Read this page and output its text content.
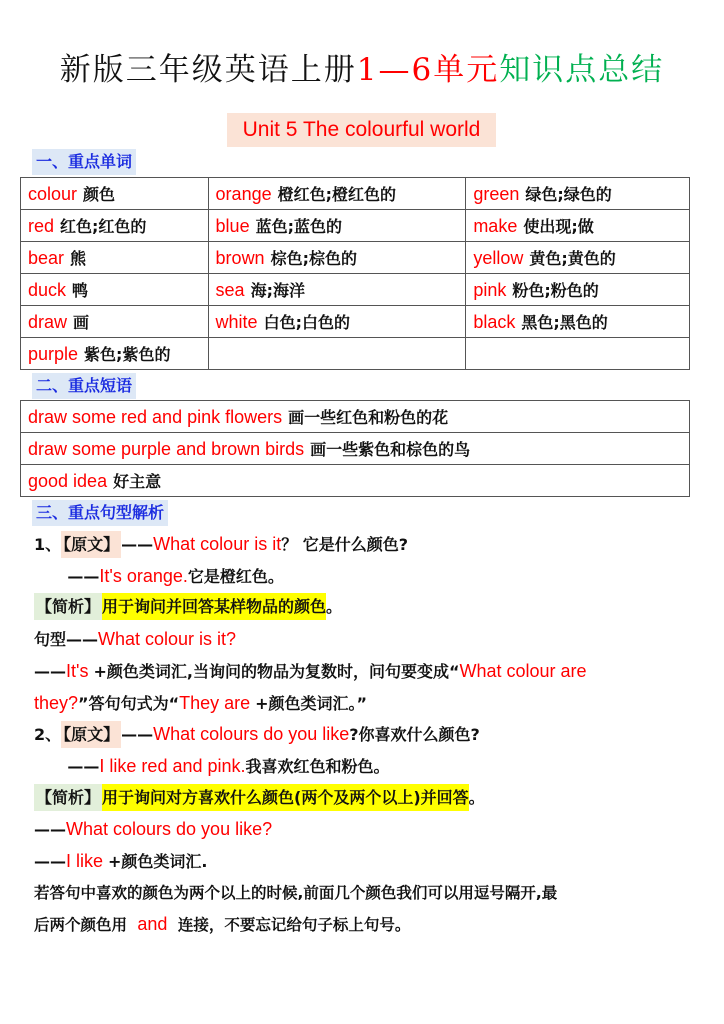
新版三年级英语上册1—6单元知识点总结
Unit 5 The colourful world
一、重点单词
colour 颜色	orange 橙红色;橙红色的	green 绿色;绿色的
red 红色;红色的	blue 蓝色;蓝色的	make 使出现;做
bear 熊	brown 棕色;棕色的	yellow 黄色;黄色的
duck 鸭	sea 海;海洋	pink 粉色;粉色的
draw 画	white 白色;白色的	black 黑色;黑色的
purple 紫色;紫色的		
二、重点短语
draw some red and pink flowers 画一些红色和粉色的花
draw some purple and brown birds 画一些紫色和棕色的鸟
good idea 好主意
三、重点句型解析
1、 【原文】 ——What colour is it？ 它是什么颜色?
——It's orange.它是橙红色。
【简析】 用于询问并回答某样物品的颜色。
句型——What colour is it?
——It's +颜色类词汇,当询问的物品为复数时，问句要变成“What colour are
they?”答句句式为“They are +颜色类词汇。”
2、 【原文】 ——What colours do you like?你喜欢什么颜色?
——I like red and pink.我喜欢红色和粉色。
【简析】 用于询问对方喜欢什么颜色(两个及两个以上)并回答。
——What colours do you like?
——I like +颜色类词汇.
若答句中喜欢的颜色为两个以上的时候,前面几个颜色我们可以用逗号隔开,最
后两个颜色用  and  连接，不要忘记给句子标上句号。
